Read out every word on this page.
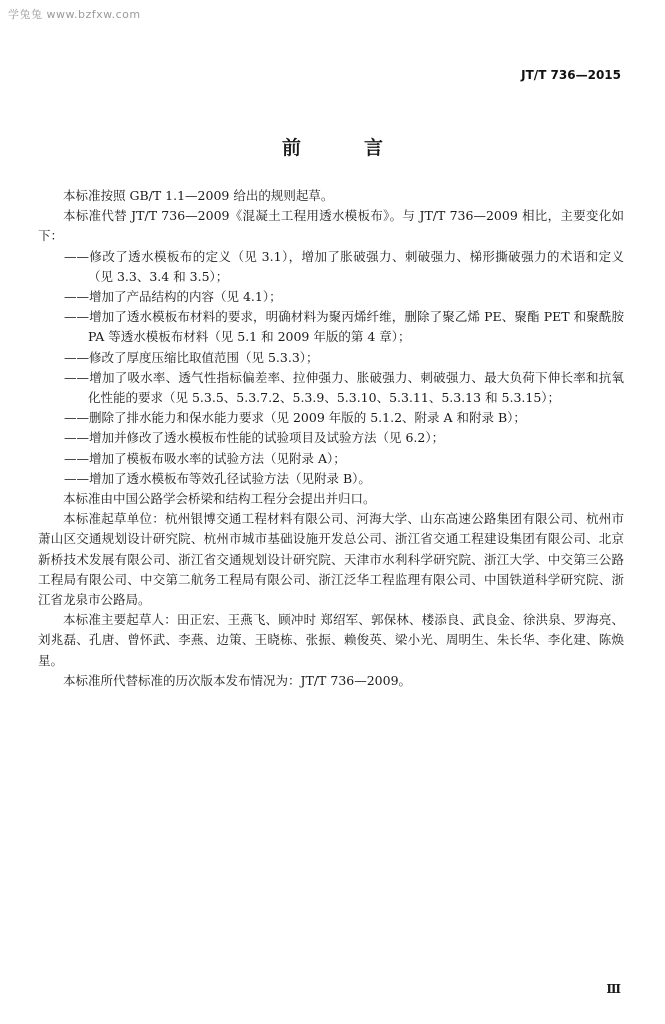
学兔兔 www.bzfxw.com
JT/T 736—2015
前　言

本标准按照 GB/T 1.1—2009 给出的规则起草。

本标准代替 JT/T 736—2009《混凝土工程用透水模板布》。与 JT/T 736—2009 相比，主要变化如下：

——修改了透水模板布的定义（见 3.1），增加了胀破强力、刺破强力、梯形撕破强力的术语和定义（见 3.3、3.4 和 3.5）；
——增加了产品结构的内容（见 4.1）；
——增加了透水模板布材料的要求，明确材料为聚丙烯纤维，删除了聚乙烯 PE、聚酯 PET 和聚酰胺 PA 等透水模板布材料（见 5.1 和 2009 年版的第 4 章）；
——修改了厚度压缩比取值范围（见 5.3.3）；
——增加了吸水率、透气性指标偏差率、拉伸强力、胀破强力、刺破强力、最大负荷下伸长率和抗氧化性能的要求（见 5.3.5、5.3.7.2、5.3.9、5.3.10、5.3.11、5.3.13 和 5.3.15）；
——删除了排水能力和保水能力要求（见 2009 年版的 5.1.2、附录 A 和附录 B）；
——增加并修改了透水模板布性能的试验项目及试验方法（见 6.2）；
——增加了模板布吸水率的试验方法（见附录 A）；
——增加了透水模板布等效孔径试验方法（见附录 B）。

本标准由中国公路学会桥梁和结构工程分会提出并归口。

本标准起草单位：杭州银博交通工程材料有限公司、河海大学、山东高速公路集团有限公司、杭州市萧山区交通规划设计研究院、杭州市城市基础设施开发总公司、浙江省交通工程建设集团有限公司、北京新桥技术发展有限公司、浙江省交通规划设计研究院、天津市水利科学研究院、浙江大学、中交第三公路工程局有限公司、中交第二航务工程局有限公司、浙江泛华工程监理有限公司、中国铁道科学研究院、浙江省龙泉市公路局。

本标准主要起草人：田正宏、王燕飞、顾冲时 郑绍军、郭保林、楼添良、武良金、徐洪泉、罗海亮、刘兆磊、孔唐、曾怀武、李燕、边策、王晓栋、张振、赖俊英、梁小光、周明生、朱长华、李化建、陈焕星。

本标准所代替标准的历次版本发布情况为：JT/T 736—2009。

Ⅲ
